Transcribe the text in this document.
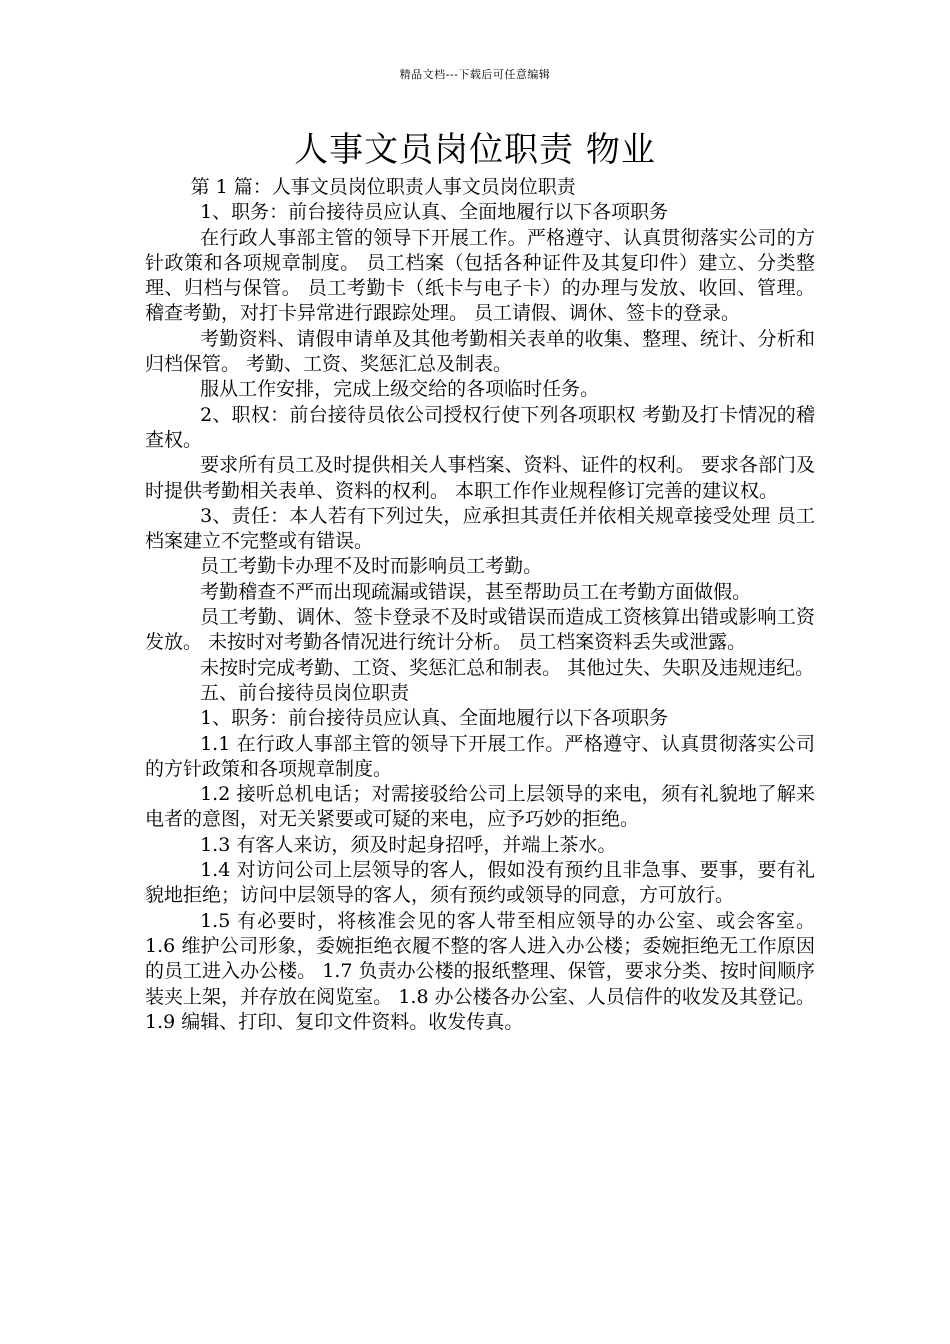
精品文档---下载后可任意编辑
人事文员岗位职责 物业

第 1 篇：人事文员岗位职责人事文员岗位职责

1、职务：前台接待员应认真、全面地履行以下各项职务

在行政人事部主管的领导下开展工作。严格遵守、认真贯彻落实公司的方针政策和各项规章制度。 员工档案（包括各种证件及其复印件）建立、分类整理、归档与保管。 员工考勤卡（纸卡与电子卡）的办理与发放、收回、管理。 稽查考勤，对打卡异常进行跟踪处理。 员工请假、调休、签卡的登录。

考勤资料、请假申请单及其他考勤相关表单的收集、整理、统计、分析和归档保管。 考勤、工资、奖惩汇总及制表。

服从工作安排，完成上级交给的各项临时任务。

2、职权：前台接待员依公司授权行使下列各项职权 考勤及打卡情况的稽查权。

要求所有员工及时提供相关人事档案、资料、证件的权利。 要求各部门及时提供考勤相关表单、资料的权利。 本职工作作业规程修订完善的建议权。

3、责任：本人若有下列过失，应承担其责任并依相关规章接受处理 员工档案建立不完整或有错误。

员工考勤卡办理不及时而影响员工考勤。

考勤稽查不严而出现疏漏或错误，甚至帮助员工在考勤方面做假。

员工考勤、调休、签卡登录不及时或错误而造成工资核算出错或影响工资发放。 未按时对考勤各情况进行统计分析。 员工档案资料丢失或泄露。

未按时完成考勤、工资、奖惩汇总和制表。 其他过失、失职及违规违纪。

五、前台接待员岗位职责

1、职务：前台接待员应认真、全面地履行以下各项职务

1.1 在行政人事部主管的领导下开展工作。严格遵守、认真贯彻落实公司的方针政策和各项规章制度。

1.2 接听总机电话；对需接驳给公司上层领导的来电，须有礼貌地了解来电者的意图，对无关紧要或可疑的来电，应予巧妙的拒绝。

1.3 有客人来访，须及时起身招呼，并端上茶水。

1.4 对访问公司上层领导的客人，假如没有预约且非急事、要事，要有礼貌地拒绝；访问中层领导的客人，须有预约或领导的同意，方可放行。

1.5 有必要时，将核准会见的客人带至相应领导的办公室、或会客室。 1.6 维护公司形象，委婉拒绝衣履不整的客人进入办公楼；委婉拒绝无工作原因的员工进入办公楼。 1.7 负责办公楼的报纸整理、保管，要求分类、按时间顺序装夹上架，并存放在阅览室。 1.8 办公楼各办公室、人员信件的收发及其登记。 1.9 编辑、打印、复印文件资料。收发传真。
